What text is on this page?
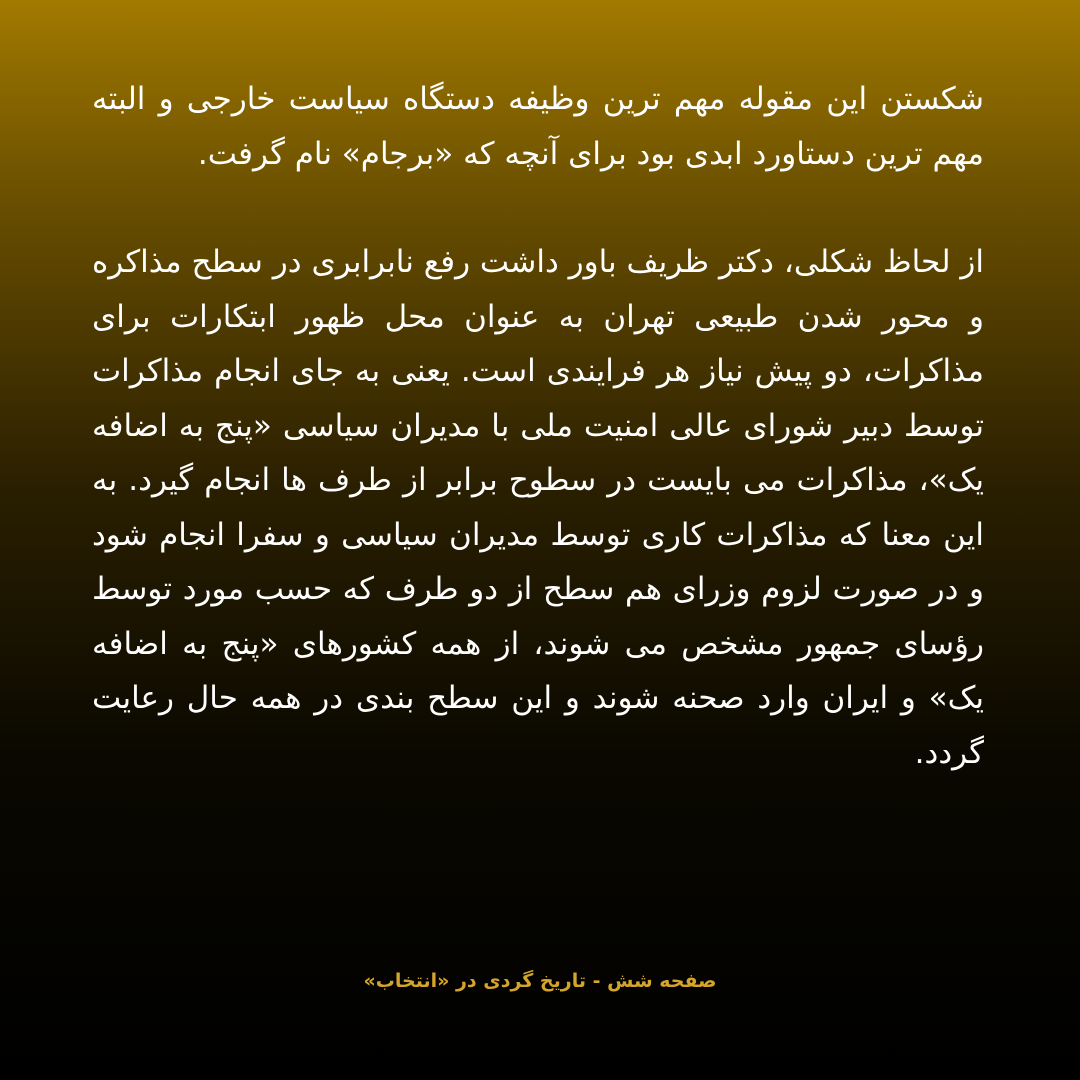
شکستن این مقوله مهم ترین وظیفه دستگاه سیاست خارجی و البته مهم ترین دستاورد ابدی بود برای آنچه که «برجام» نام گرفت.

از لحاظ شکلی، دکتر ظریف باور داشت رفع نابرابری در سطح مذاکره و محور شدن طبیعی تهران به عنوان محل ظهور ابتکارات برای مذاکرات، دو پیش نیاز هر فرایندی است. یعنی به جای انجام مذاکرات توسط دبیر شورای عالی امنیت ملی با مدیران سیاسی «پنج به اضافه یک»، مذاکرات می بایست در سطوح برابر از طرف ها انجام گیرد. به این معنا که مذاکرات کاری توسط مدیران سیاسی و سفرا انجام شود و در صورت لزوم وزرای هم سطح از دو طرف که حسب مورد توسط رؤسای جمهور مشخص می شوند، از همه کشورهای «پنج به اضافه یک» و ایران وارد صحنه شوند و این سطح بندی در همه حال رعایت گردد.

صفحه شش - تاریخ گردی در «انتخاب»
